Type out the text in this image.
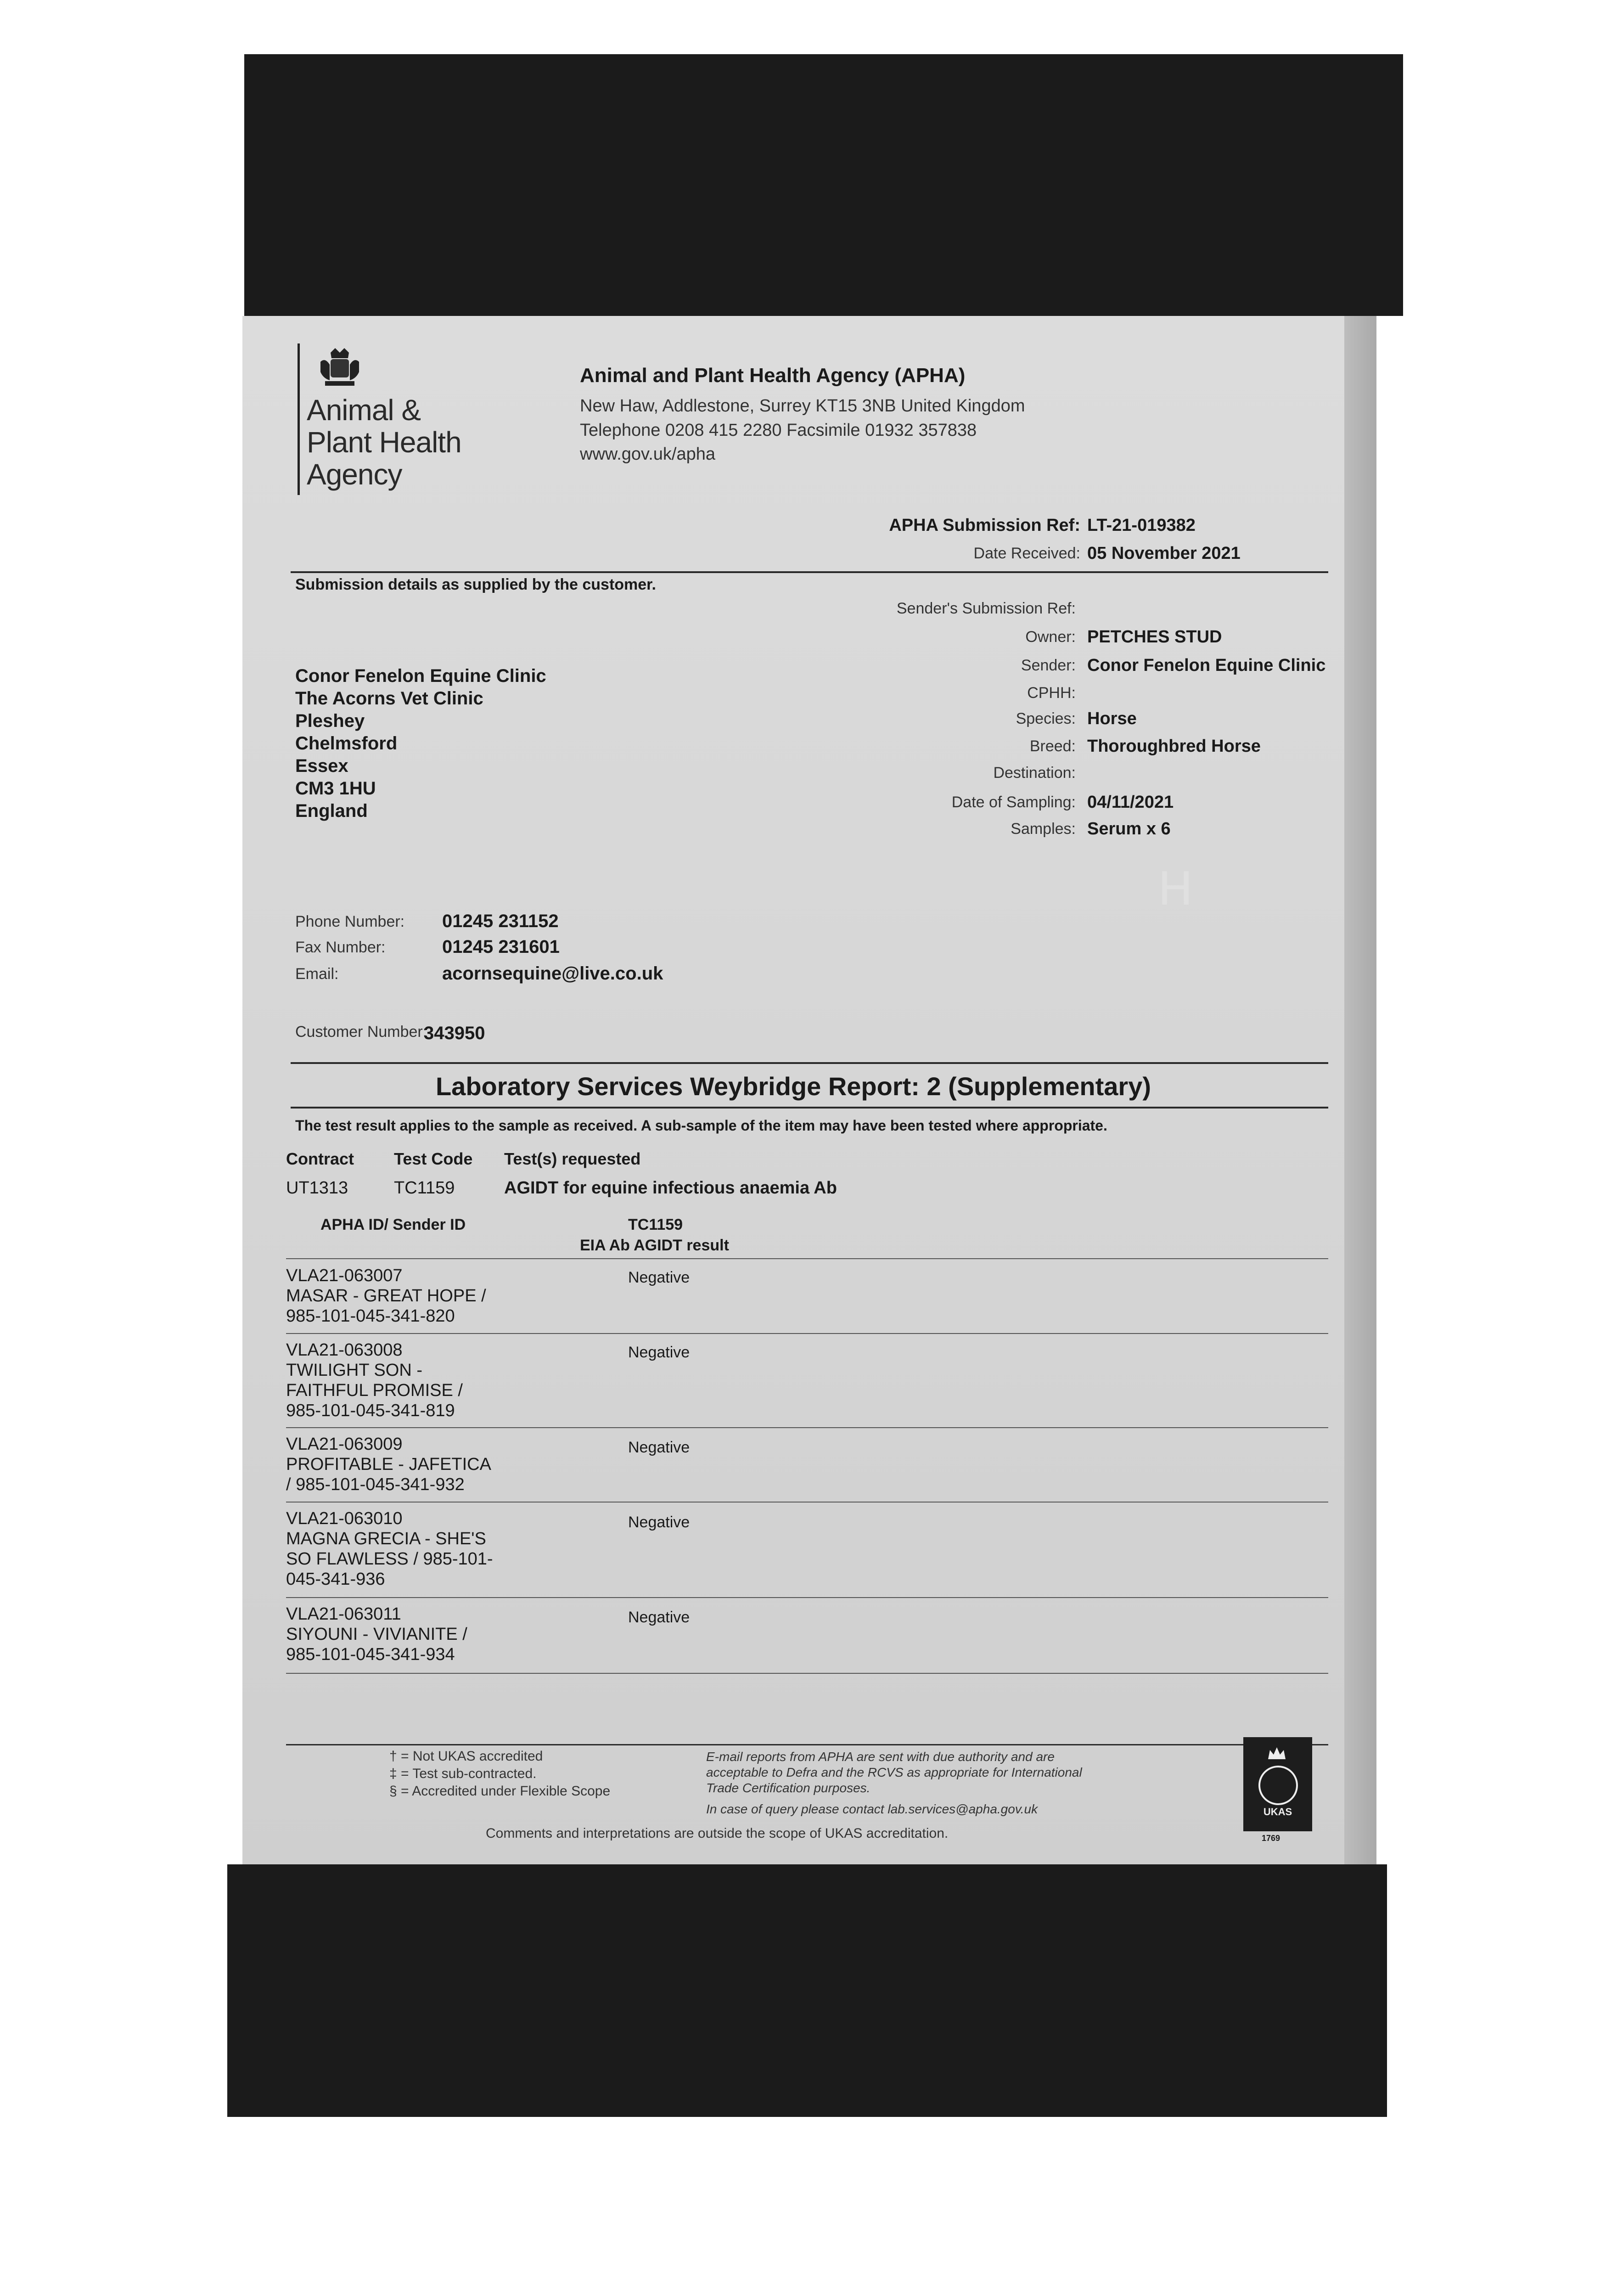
ᴴ
Animal &
Plant Health
Agency
Animal and Plant Health Agency (APHA)
New Haw, Addlestone, Surrey KT15 3NB United Kingdom
Telephone 0208 415 2280 Facsimile 01932 357838
www.gov.uk/apha
APHA Submission Ref: LT-21-019382
Date Received: 05 November 2021
Submission details as supplied by the customer.
Sender's Submission Ref:
Owner: PETCHES STUD
Sender: Conor Fenelon Equine Clinic
CPHH:
Species: Horse
Breed: Thoroughbred Horse
Destination:
Date of Sampling: 04/11/2021
Samples: Serum x 6
Conor Fenelon Equine Clinic
The Acorns Vet Clinic
Pleshey
Chelmsford
Essex
CM3 1HU
England
Phone Number: 01245 231152
Fax Number:	01245 231601
Email:	acornsequine@live.co.uk
Customer Number:
343950
Laboratory Services Weybridge Report: 2 (Supplementary)
The test result applies to the sample as received. A sub-sample of the item may have been tested where appropriate.
Contract Test Code Test(s) requested
UT1313	TC1159	AGIDT for equine infectious anaemia Ab
APHA ID/ Sender ID	TC1159
EIA Ab AGIDT result
VLA21-063007
MASAR - GREAT HOPE /
985-101-045-341-820
Negative
VLA21-063008
TWILIGHT SON -
FAITHFUL PROMISE /
985-101-045-341-819
Negative
VLA21-063009
PROFITABLE - JAFETICA
/ 985-101-045-341-932
Negative
VLA21-063010
MAGNA GRECIA - SHE'S
SO FLAWLESS / 985-101-
045-341-936
Negative
VLA21-063011
SIYOUNI - VIVIANITE /
985-101-045-341-934
Negative
† = Not UKAS accredited
‡ = Test sub-contracted.
§ = Accredited under Flexible Scope
E-mail reports from APHA are sent with due authority and are
acceptable to Defra and the RCVS as appropriate for International
Trade Certification purposes.
In case of query please contact lab.services@apha.gov.uk
Comments and interpretations are outside the scope of UKAS accreditation.
UKAS
1769
